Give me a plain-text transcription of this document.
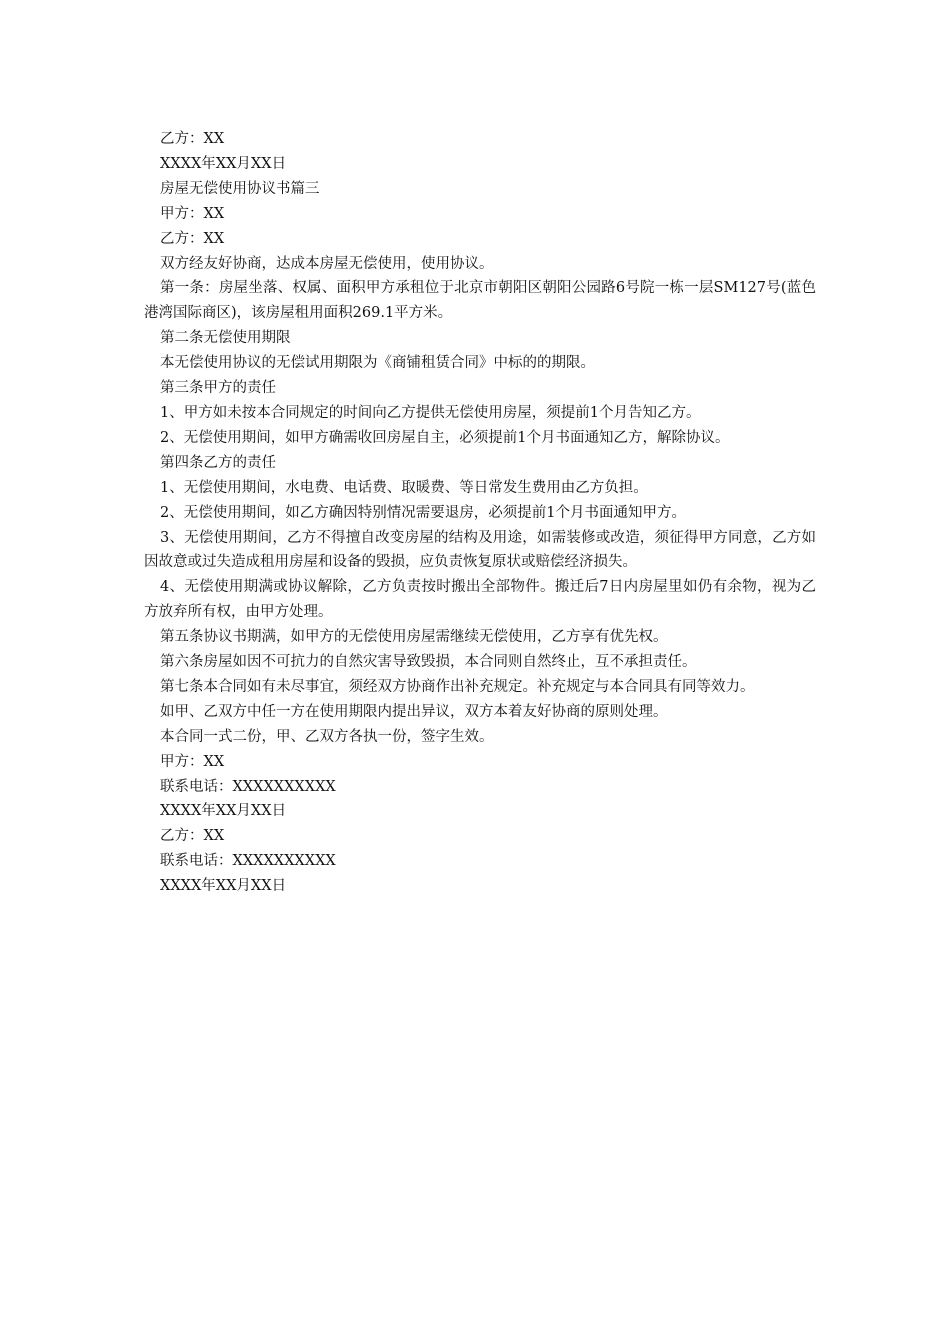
乙方：XX
XXXX年XX月XX日
房屋无偿使用协议书篇三
甲方：XX
乙方：XX
双方经友好协商，达成本房屋无偿使用，使用协议。
第一条：房屋坐落、权属、面积甲方承租位于北京市朝阳区朝阳公园路6号院一栋一层SM127号(蓝色港湾国际商区)，该房屋租用面积269.1平方米。
第二条无偿使用期限
本无偿使用协议的无偿试用期限为《商铺租赁合同》中标的的期限。
第三条甲方的责任
1、甲方如未按本合同规定的时间向乙方提供无偿使用房屋，须提前1个月告知乙方。
2、无偿使用期间，如甲方确需收回房屋自主，必须提前1个月书面通知乙方，解除协议。
第四条乙方的责任
1、无偿使用期间，水电费、电话费、取暖费、等日常发生费用由乙方负担。
2、无偿使用期间，如乙方确因特别情况需要退房，必须提前1个月书面通知甲方。
3、无偿使用期间，乙方不得擅自改变房屋的结构及用途，如需装修或改造，须征得甲方同意，乙方如因故意或过失造成租用房屋和设备的毁损，应负责恢复原状或赔偿经济损失。
4、无偿使用期满或协议解除，乙方负责按时搬出全部物件。搬迁后7日内房屋里如仍有余物，视为乙方放弃所有权，由甲方处理。
第五条协议书期满，如甲方的无偿使用房屋需继续无偿使用，乙方享有优先权。
第六条房屋如因不可抗力的自然灾害导致毁损，本合同则自然终止，互不承担责任。
第七条本合同如有未尽事宜，须经双方协商作出补充规定。补充规定与本合同具有同等效力。
如甲、乙双方中任一方在使用期限内提出异议，双方本着友好协商的原则处理。
本合同一式二份，甲、乙双方各执一份，签字生效。
甲方：XX
联系电话：XXXXXXXXXX
XXXX年XX月XX日
乙方：XX
联系电话：XXXXXXXXXX
XXXX年XX月XX日
